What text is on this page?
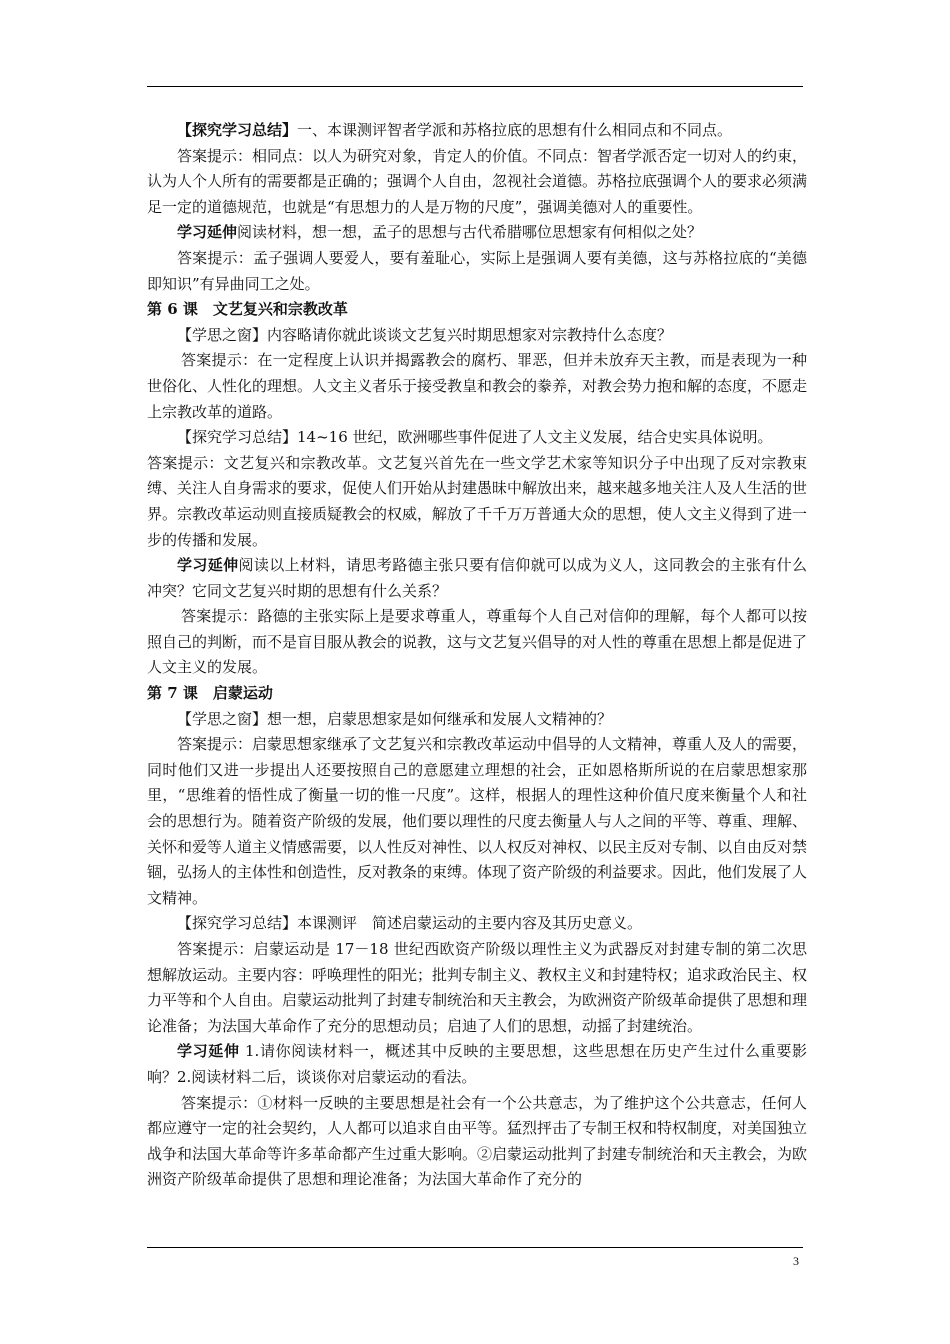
【探究学习总结】一、本课测评智者学派和苏格拉底的思想有什么相同点和不同点。

答案提示：相同点：以人为研究对象，肯定人的价值。不同点：智者学派否定一切对人的约束，认为人个人所有的需要都是正确的；强调个人自由，忽视社会道德。苏格拉底强调个人的要求必须满足一定的道德规范，也就是“有思想力的人是万物的尺度”，强调美德对人的重要性。

学习延伸阅读材料，想一想，孟子的思想与古代希腊哪位思想家有何相似之处？

答案提示：孟子强调人要爱人，要有羞耻心，实际上是强调人要有美德，这与苏格拉底的“美德即知识”有异曲同工之处。

第 6 课　文艺复兴和宗教改革

【学思之窗】内容略请你就此谈谈文艺复兴时期思想家对宗教持什么态度？

答案提示：在一定程度上认识并揭露教会的腐朽、罪恶，但并未放弃天主教，而是表现为一种世俗化、人性化的理想。人文主义者乐于接受教皇和教会的豢养，对教会势力抱和解的态度，不愿走上宗教改革的道路。

【探究学习总结】14~16 世纪，欧洲哪些事件促进了人文主义发展，结合史实具体说明。

答案提示：文艺复兴和宗教改革。文艺复兴首先在一些文学艺术家等知识分子中出现了反对宗教束缚、关注人自身需求的要求，促使人们开始从封建愚昧中解放出来，越来越多地关注人及人生活的世界。宗教改革运动则直接质疑教会的权威，解放了千千万万普通大众的思想，使人文主义得到了进一步的传播和发展。

学习延伸阅读以上材料，请思考路德主张只要有信仰就可以成为义人，这同教会的主张有什么冲突？它同文艺复兴时期的思想有什么关系？

答案提示：路德的主张实际上是要求尊重人，尊重每个人自己对信仰的理解，每个人都可以按照自己的判断，而不是盲目服从教会的说教，这与文艺复兴倡导的对人性的尊重在思想上都是促进了人文主义的发展。

第 7 课　启蒙运动

【学思之窗】想一想，启蒙思想家是如何继承和发展人文精神的？

答案提示：启蒙思想家继承了文艺复兴和宗教改革运动中倡导的人文精神，尊重人及人的需要，同时他们又进一步提出人还要按照自己的意愿建立理想的社会，正如恩格斯所说的在启蒙思想家那里，“思维着的悟性成了衡量一切的惟一尺度”。这样，根据人的理性这种价值尺度来衡量个人和社会的思想行为。随着资产阶级的发展，他们要以理性的尺度去衡量人与人之间的平等、尊重、理解、关怀和爱等人道主义情感需要，以人性反对神性、以人权反对神权、以民主反对专制、以自由反对禁锢，弘扬人的主体性和创造性，反对教条的束缚。体现了资产阶级的利益要求。因此，他们发展了人文精神。

【探究学习总结】本课测评　简述启蒙运动的主要内容及其历史意义。

答案提示：启蒙运动是 17－18 世纪西欧资产阶级以理性主义为武器反对封建专制的第二次思想解放运动。主要内容：呼唤理性的阳光；批判专制主义、教权主义和封建特权；追求政治民主、权力平等和个人自由。启蒙运动批判了封建专制统治和天主教会，为欧洲资产阶级革命提供了思想和理论准备；为法国大革命作了充分的思想动员；启迪了人们的思想，动摇了封建统治。

学习延伸 1.请你阅读材料一，概述其中反映的主要思想，这些思想在历史产生过什么重要影响？2.阅读材料二后，谈谈你对启蒙运动的看法。

答案提示：①材料一反映的主要思想是社会有一个公共意志，为了维护这个公共意志，任何人都应遵守一定的社会契约，人人都可以追求自由平等。猛烈抨击了专制王权和特权制度，对美国独立战争和法国大革命等许多革命都产生过重大影响。②启蒙运动批判了封建专制统治和天主教会，为欧洲资产阶级革命提供了思想和理论准备；为法国大革命作了充分的

3
